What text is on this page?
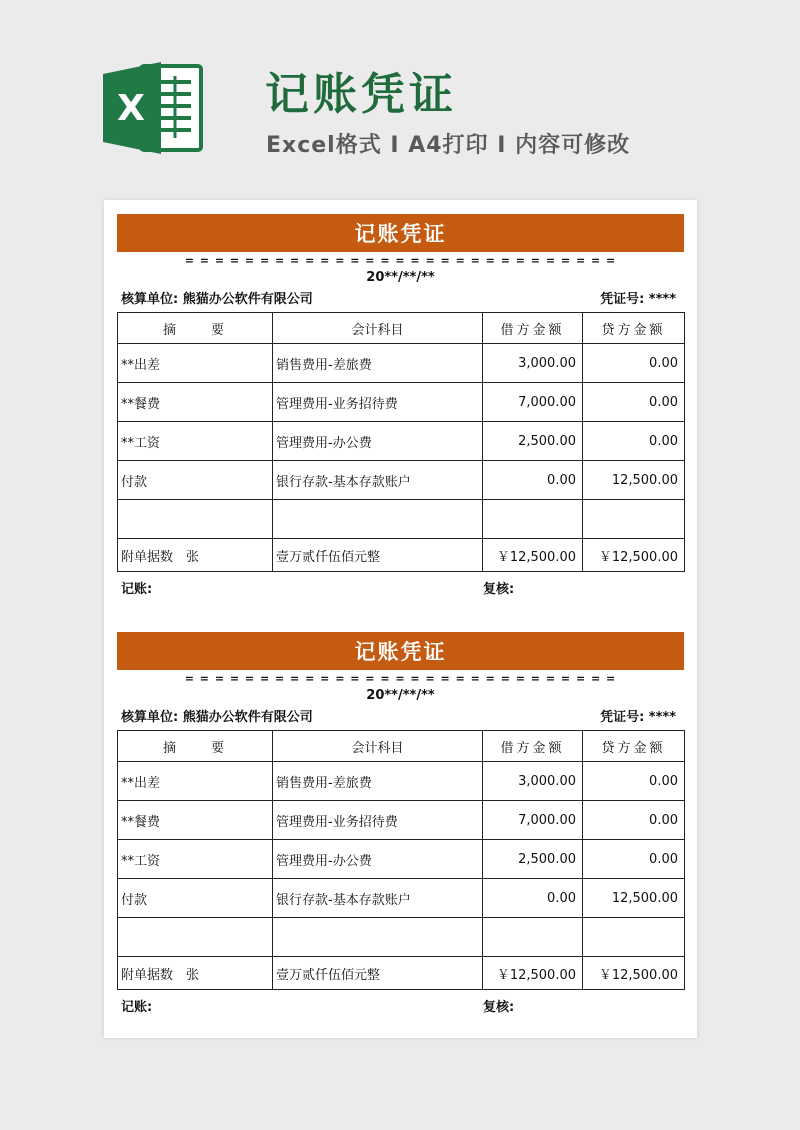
X	记账凭证
Excel格式 I A4打印 I 内容可修改
记账凭证
= = = = = = = = = = = = = = = = = = = = = = = = = = = = =
20**/**/**
核算单位: 熊猫办公软件有限公司	凭证号: ****
摘　　要	会计科目	借方金额	贷方金额
**出差	销售费用-差旅费	3,000.00	0.00
**餐费	管理费用-业务招待费	7,000.00	0.00
**工资	管理费用-办公费	2,500.00	0.00
付款	银行存款-基本存款账户	0.00	12,500.00

附单据数　张	壹万贰仟伍佰元整	￥12,500.00	￥12,500.00
记账:	复核:
记账凭证
= = = = = = = = = = = = = = = = = = = = = = = = = = = = =
20**/**/**
核算单位: 熊猫办公软件有限公司	凭证号: ****
摘　　要	会计科目	借方金额	贷方金额
**出差	销售费用-差旅费	3,000.00	0.00
**餐费	管理费用-业务招待费	7,000.00	0.00
**工资	管理费用-办公费	2,500.00	0.00
付款	银行存款-基本存款账户	0.00	12,500.00

附单据数　张	壹万贰仟伍佰元整	￥12,500.00	￥12,500.00
记账:	复核:
